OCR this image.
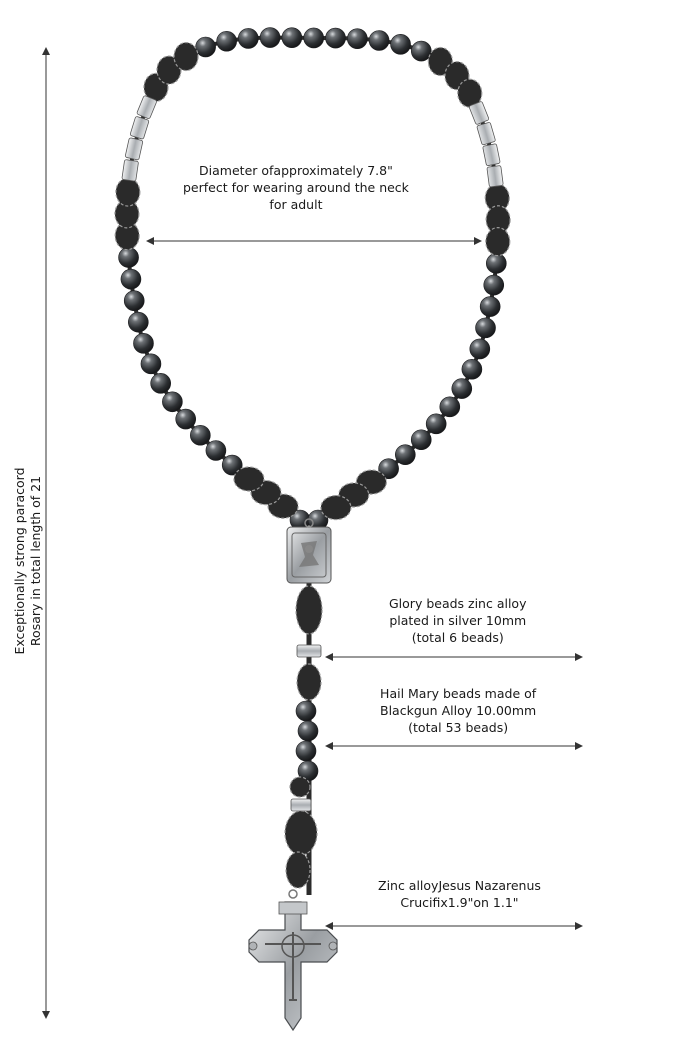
Diameter ofapproximately 7.8"
perfect for wearing around the neck
for adult
Glory beads zinc alloy
plated in silver 10mm
(total 6 beads)
Hail Mary beads made of
Blackgun Alloy 10.00mm
(total 53 beads)
Zinc alloyJesus Nazarenus
Crucifix1.9"on 1.1"
Exceptionally strong paracord Rosary in total length of 21
